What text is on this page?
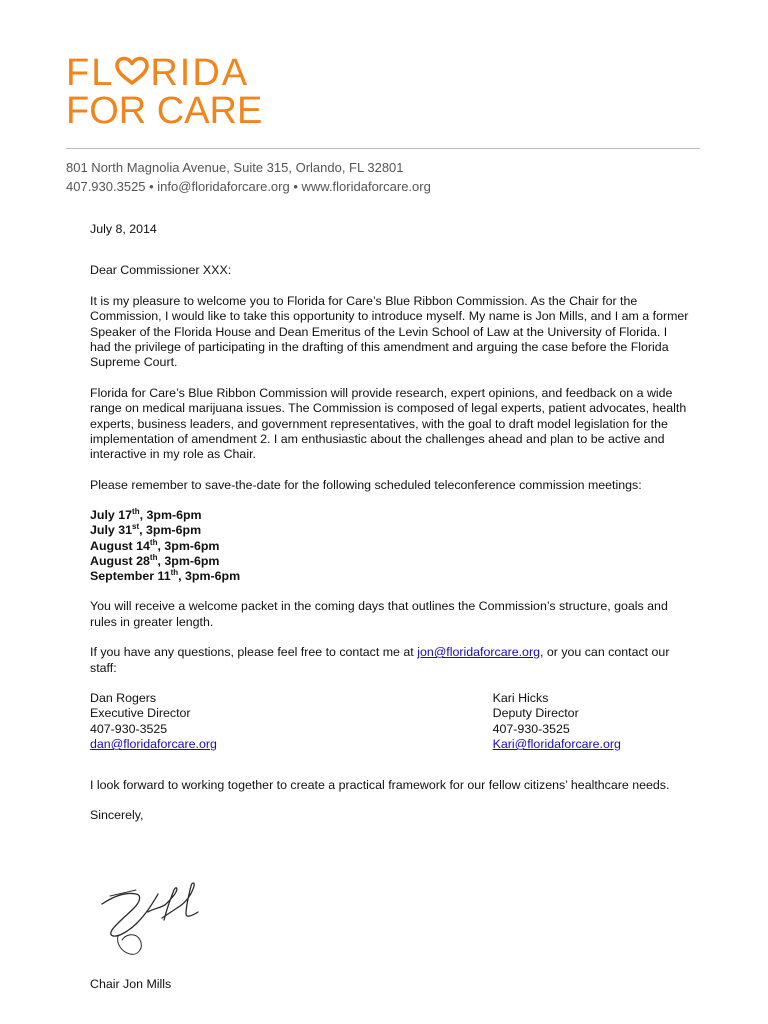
FL RIDA
FOR CARE
801 North Magnolia Avenue, Suite 315, Orlando, FL 32801
407.930.3525 • info@floridaforcare.org • www.floridaforcare.org

July 8, 2014

Dear Commissioner XXX:

It is my pleasure to welcome you to Florida for Care’s Blue Ribbon Commission. As the Chair for the Commission, I would like to take this opportunity to introduce myself. My name is Jon Mills, and I am a former Speaker of the Florida House and Dean Emeritus of the Levin School of Law at the University of Florida. I had the privilege of participating in the drafting of this amendment and arguing the case before the Florida Supreme Court.

Florida for Care’s Blue Ribbon Commission will provide research, expert opinions, and feedback on a wide range on medical marijuana issues. The Commission is composed of legal experts, patient advocates, health experts, business leaders, and government representatives, with the goal to draft model legislation for the implementation of amendment 2. I am enthusiastic about the challenges ahead and plan to be active and interactive in my role as Chair.

Please remember to save-the-date for the following scheduled teleconference commission meetings:

July 17th, 3pm-6pm
July 31st, 3pm-6pm
August 14th, 3pm-6pm
August 28th, 3pm-6pm
September 11th, 3pm-6pm

You will receive a welcome packet in the coming days that outlines the Commission’s structure, goals and rules in greater length.

If you have any questions, please feel free to contact me at jon@floridaforcare.org, or you can contact our staff:

Dan Rogers
Executive Director
407-930-3525
dan@floridaforcare.org
Kari Hicks
Deputy Director
407-930-3525
Kari@floridaforcare.org

I look forward to working together to create a practical framework for our fellow citizens’ healthcare needs.

Sincerely,

Chair Jon Mills
